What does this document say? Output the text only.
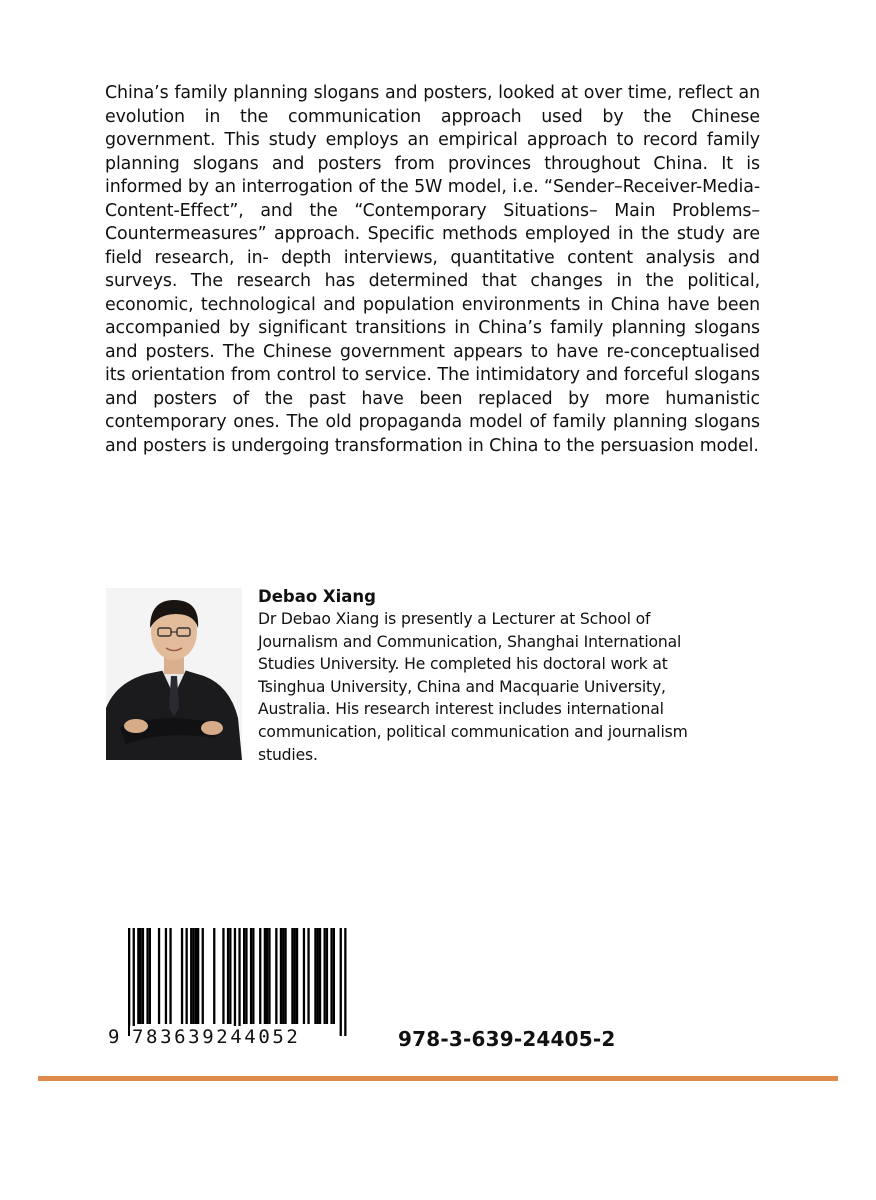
China’s family planning slogans and posters, looked at over time, reflect an evolution in the communication approach used by the Chinese government. This study employs an empirical approach to record family planning slogans and posters from provinces throughout China. It is informed by an interrogation of the 5W model, i.e. “Sender–Receiver-Media- Content-Effect”, and the “Contemporary Situations– Main Problems–Countermeasures” approach. Specific methods employed in the study are field research, in- depth interviews, quantitative content analysis and surveys. The research has determined that changes in the political, economic, technological and population environments in China have been accompanied by significant transitions in China’s family planning slogans and posters. The Chinese government appears to have re-conceptualised its orientation from control to service. The intimidatory and forceful slogans and posters of the past have been replaced by more humanistic contemporary ones. The old propaganda model of family planning slogans and posters is undergoing transformation in China to the persuasion model.

Debao Xiang

Dr Debao Xiang is presently a Lecturer at School of Journalism and Communication, Shanghai International Studies University. He completed his doctoral work at Tsinghua University, China and Macquarie University, Australia. His research interest includes international communication, political communication and journalism studies.

9 783639244052	978-3-639-24405-2
